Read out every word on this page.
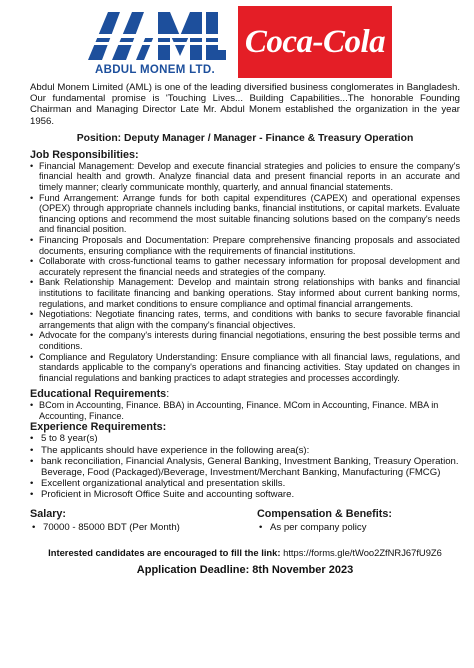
ABDUL MONEM LTD.
Coca-Cola

Abdul Monem Limited (AML) is one of the leading diversified business conglomerates in Bangladesh. Our fundamental promise is 'Touching Lives... Building Capabilities...The honorable Founding Chairman and Managing Director Late Mr. Abdul Monem established the organization in the year 1956.

Position: Deputy Manager / Manager - Finance & Treasury Operation
Job Responsibilities:
• Financial Management: Develop and execute financial strategies and policies to ensure the company's financial health and growth. Analyze financial data and present financial reports in an accurate and timely manner; clearly communicate monthly, quarterly, and annual financial statements.
• Fund Arrangement: Arrange funds for both capital expenditures (CAPEX) and operational expenses (OPEX) through appropriate channels including banks, financial institutions, or capital markets. Evaluate financing options and recommend the most suitable financing solutions based on the company's needs and financial position.
• Financing Proposals and Documentation: Prepare comprehensive financing proposals and associated documents, ensuring compliance with the requirements of financial institutions.
• Collaborate with cross-functional teams to gather necessary information for proposal development and accurately represent the financial needs and strategies of the company.
• Bank Relationship Management: Develop and maintain strong relationships with banks and financial institutions to facilitate financing and banking operations. Stay informed about current banking norms, regulations, and market conditions to ensure compliance and optimal financial arrangements.
• Negotiations: Negotiate financing rates, terms, and conditions with banks to secure favorable financial arrangements that align with the company's financial objectives.
• Advocate for the company's interests during financial negotiations, ensuring the best possible terms and conditions.
• Compliance and Regulatory Understanding: Ensure compliance with all financial laws, regulations, and standards applicable to the company's operations and financing activities. Stay updated on changes in financial regulations and banking practices to adapt strategies and processes accordingly.
Educational Requirements:
• BCom in Accounting, Finance. BBA) in Accounting, Finance. MCom in Accounting, Finance. MBA in Accounting, Finance.
Experience Requirements:
• 5 to 8 year(s)
• The applicants should have experience in the following area(s):
• bank reconciliation, Financial Analysis, General Banking, Investment Banking, Treasury Operation. Beverage, Food (Packaged)/Beverage, Investment/Merchant Banking, Manufacturing (FMCG)
• Excellent organizational analytical and presentation skills.
• Proficient in Microsoft Office Suite and accounting software.
Salary:
• 70000 - 85000 BDT (Per Month)
Compensation & Benefits:
• As per company policy
Interested candidates are encouraged to fill the link: https://forms.gle/tWoo2ZfNRJ67fU9Z6
Application Deadline: 8th November 2023
